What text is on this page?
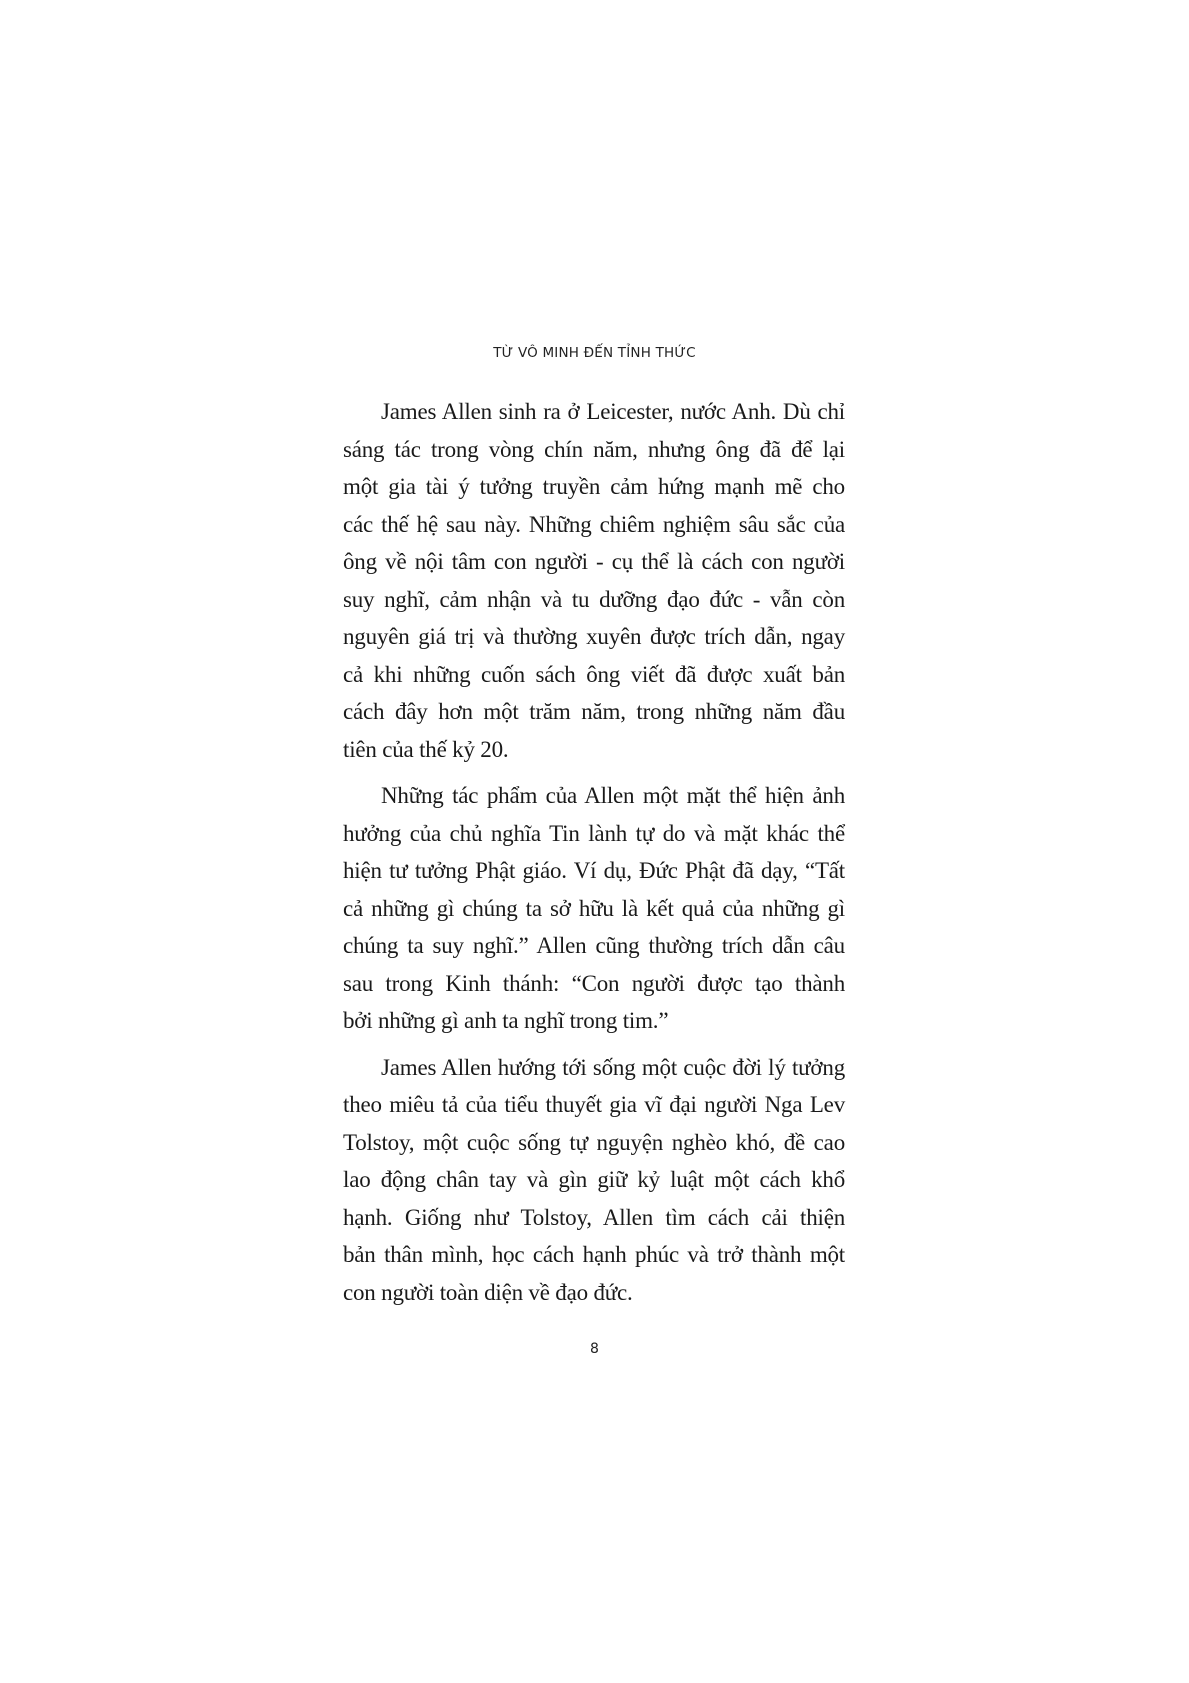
TỪ VÔ MINH ĐẾN TỈNH THỨC
James Allen sinh ra ở Leicester, nước Anh. Dù chỉ
sáng tác trong vòng chín năm, nhưng ông đã để lại
một gia tài ý tưởng truyền cảm hứng mạnh mẽ cho
các thế hệ sau này. Những chiêm nghiệm sâu sắc của
ông về nội tâm con người - cụ thể là cách con người
suy nghĩ, cảm nhận và tu dưỡng đạo đức - vẫn còn
nguyên giá trị và thường xuyên được trích dẫn, ngay
cả khi những cuốn sách ông viết đã được xuất bản
cách đây hơn một trăm năm, trong những năm đầu
tiên của thế kỷ 20.
Những tác phẩm của Allen một mặt thể hiện ảnh
hưởng của chủ nghĩa Tin lành tự do và mặt khác thể
hiện tư tưởng Phật giáo. Ví dụ, Đức Phật đã dạy, “Tất
cả những gì chúng ta sở hữu là kết quả của những gì
chúng ta suy nghĩ.” Allen cũng thường trích dẫn câu
sau trong Kinh thánh: “Con người được tạo thành
bởi những gì anh ta nghĩ trong tim.”
James Allen hướng tới sống một cuộc đời lý tưởng
theo miêu tả của tiểu thuyết gia vĩ đại người Nga Lev
Tolstoy, một cuộc sống tự nguyện nghèo khó, đề cao
lao động chân tay và gìn giữ kỷ luật một cách khổ
hạnh. Giống như Tolstoy, Allen tìm cách cải thiện
bản thân mình, học cách hạnh phúc và trở thành một
con người toàn diện về đạo đức.
8
